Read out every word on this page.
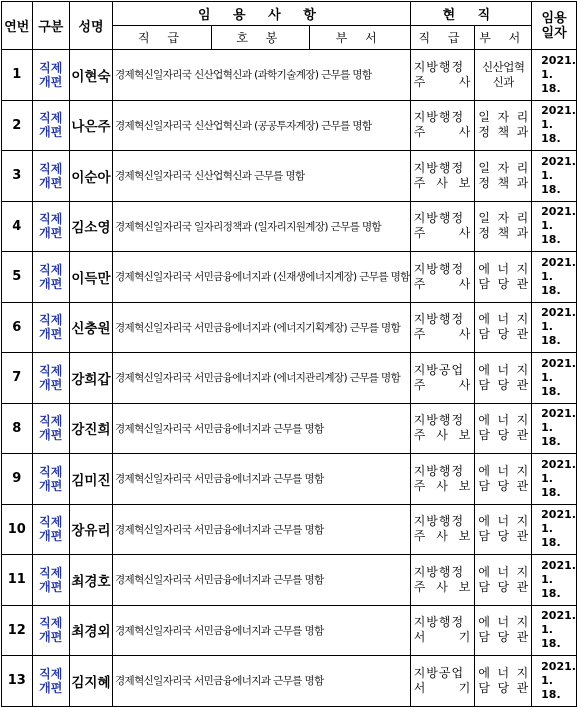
연번	구분	성명	임 용 사 항			현 직		임용
일자

			직 급	호 봉	부 서	직 급	부 서	
1	직제
개편	이현숙	경제혁신일자리국 신산업혁신과 (과학기술계장) 근무를 명함			지방행정
주 사	신산업혁신과	2021.
1. 18.

2	직제
개편	나은주	경제혁신일자리국 신산업혁신과 (공공투자계장) 근무를 명함			지방행정
주 사	일 자 리
정 책 과	2021.
1. 18.

3	직제
개편	이순아	경제혁신일자리국 신산업혁신과 근무를 명함			지방행정
주 사 보	일 자 리
정 책 과	2021.
1. 18.

4	직제
개편	김소영	경제혁신일자리국 일자리정책과 (일자리지원계장) 근무를 명함			지방행정
주 사	일 자 리
정 책 과	2021.
1. 18.

5	직제
개편	이득만	경제혁신일자리국 서민금융에너지과 (신재생에너지계장) 근무를 명함			지방행정
주 사	에 너 지
담 당 관	2021.
1. 18.

6	직제
개편	신충원	경제혁신일자리국 서민금융에너지과 (에너지기획계장) 근무를 명함			지방행정
주 사	에 너 지
담 당 관	2021.
1. 18.

7	직제
개편	강희갑	경제혁신일자리국 서민금융에너지과 (에너지관리계장) 근무를 명함			지방공업
주 사	에 너 지
담 당 관	2021.
1. 18.

8	직제
개편	강진희	경제혁신일자리국 서민금융에너지과 근무를 명함			지방행정
주 사 보	에 너 지
담 당 관	2021.
1. 18.

9	직제
개편	김미진	경제혁신일자리국 서민금융에너지과 근무를 명함			지방행정
주 사 보	에 너 지
담 당 관	2021.
1. 18.

10	직제
개편	장유리	경제혁신일자리국 서민금융에너지과 근무를 명함			지방행정
주 사 보	에 너 지
담 당 관	2021.
1. 18.

11	직제
개편	최경호	경제혁신일자리국 서민금융에너지과 근무를 명함			지방행정
주 사 보	에 너 지
담 당 관	2021.
1. 18.

12	직제
개편	최경외	경제혁신일자리국 서민금융에너지과 근무를 명함			지방행정
서 기	에 너 지
담 당 관	2021.
1. 18.

13	직제
개편	김지혜	경제혁신일자리국 서민금융에너지과 근무를 명함			지방공업
서 기	에 너 지
담 당 관	2021.
1. 18.
